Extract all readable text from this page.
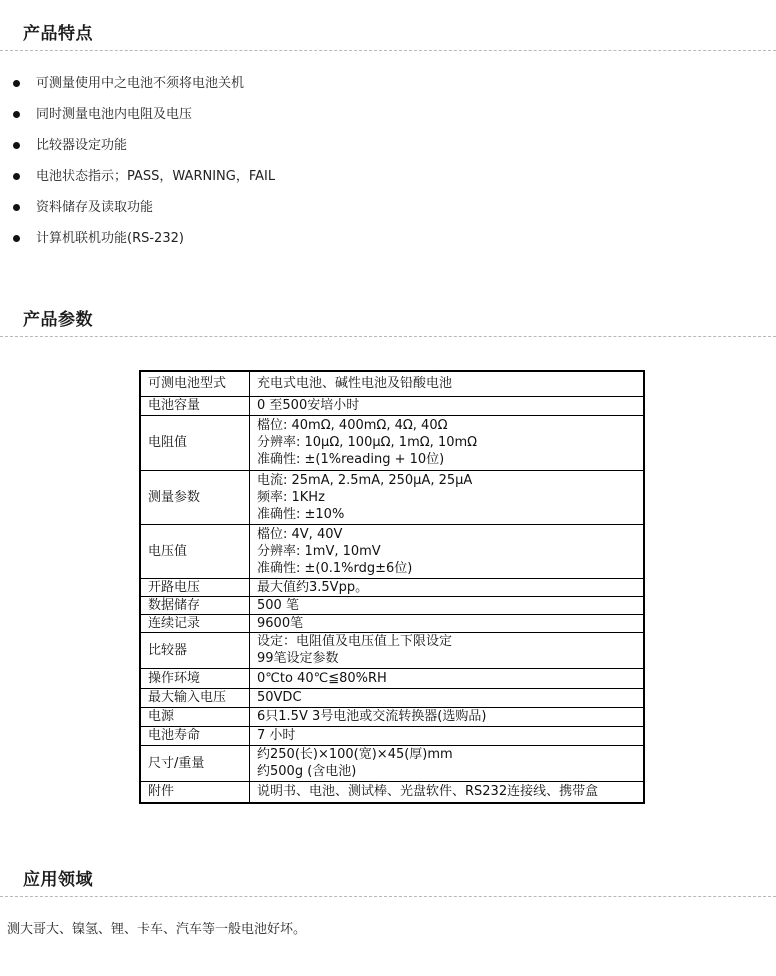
产品特点
可测量使用中之电池不须将电池关机
同时测量电池内电阻及电压
比较器设定功能
电池状态指示；PASS，WARNING，FAIL
资料储存及读取功能
计算机联机功能(RS-232)
产品参数
可测电池型式	充电式电池、碱性电池及铅酸电池

电池容量	0 至500安培小时

电阻值	檔位: 40mΩ, 400mΩ, 4Ω, 40Ω
分辨率: 10µΩ, 100µΩ, 1mΩ, 10mΩ
准确性: ±(1%reading + 10位)

测量参数	电流: 25mA, 2.5mA, 250µA, 25µA
频率: 1KHz
准确性: ±10%

电压值	檔位: 4V, 40V
分辨率: 1mV, 10mV
准确性: ±(0.1%rdg±6位)

开路电压	最大值约3.5Vpp。

数据储存	500 笔

连续记录	9600笔

比较器	设定：电阻值及电压值上下限设定
99笔设定参数

操作环境	0℃to 40℃≦80%RH

最大输入电压	50VDC

电源	6只1.5V 3号电池或交流转换器(选购品)

电池寿命	7 小时

尺寸/重量	约250(长)×100(宽)×45(厚)mm
约500g (含电池)

附件	说明书、电池、测试棒、光盘软件、RS232连接线、携带盒
应用领域
测大哥大、镍氢、锂、卡车、汽车等一般电池好坏。
